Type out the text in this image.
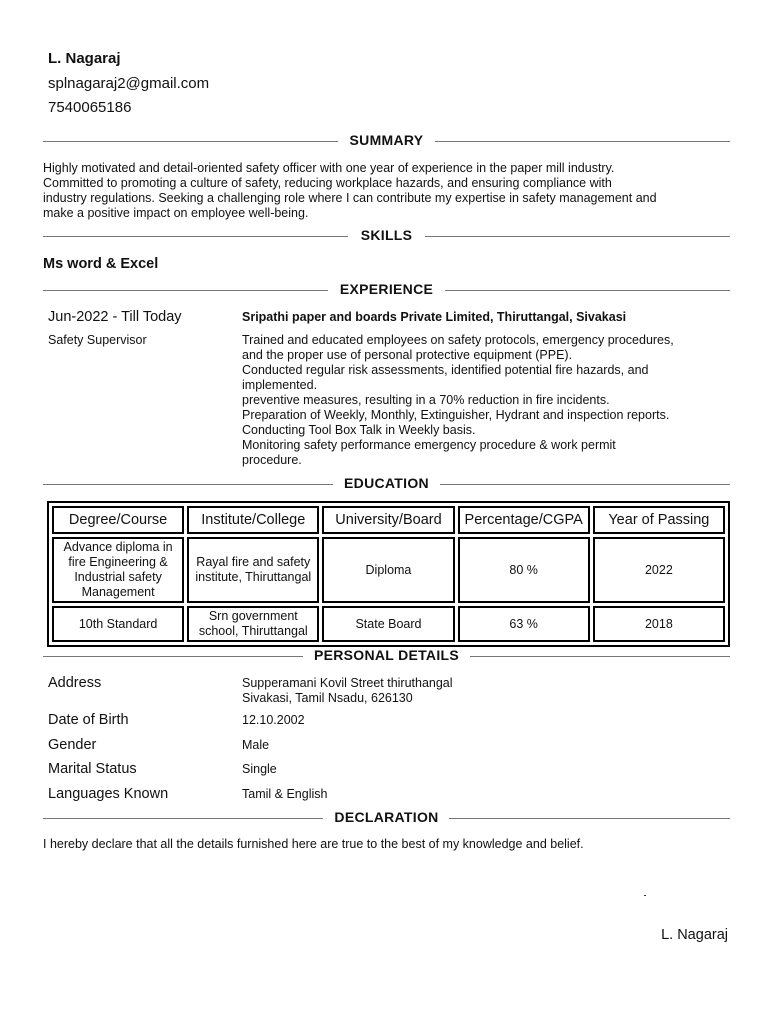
L. Nagaraj
splnagaraj2@gmail.com
7540065186
SUMMARY
Highly motivated and detail-oriented safety officer with one year of experience in the paper mill industry.
Committed to promoting a culture of safety, reducing workplace hazards, and ensuring compliance with
industry regulations. Seeking a challenging role where I can contribute my expertise in safety management and
make a positive impact on employee well-being.
SKILLS
Ms word & Excel
EXPERIENCE
Jun-2022 - Till Today	Sripathi paper and boards Private Limited, Thiruttangal, Sivakasi
Safety Supervisor	Trained and educated employees on safety protocols, emergency procedures,
and the proper use of personal protective equipment (PPE).
Conducted regular risk assessments, identified potential fire hazards, and
implemented.
preventive measures, resulting in a 70% reduction in fire incidents.
Preparation of Weekly, Monthly, Extinguisher, Hydrant and inspection reports.
Conducting Tool Box Talk in Weekly basis.
Monitoring safety performance emergency procedure & work permit
procedure.
EDUCATION
Degree/Course	Institute/College	University/Board	Percentage/CGPA	Year of Passing
Advance diploma in fire Engineering & Industrial safety Management	Rayal fire and safety institute, Thiruttangal	Diploma	80 %	2022
10th Standard	Srn government school, Thiruttangal	State Board	63 %	2018
PERSONAL DETAILS
Address	Supperamani Kovil Street thiruthangal
Sivakasi, Tamil Nsadu, 626130
Date of Birth	12.10.2002
Gender	Male
Marital Status	Single
Languages Known	Tamil & English
DECLARATION
I hereby declare that all the details furnished here are true to the best of my knowledge and belief.
L. Nagaraj
